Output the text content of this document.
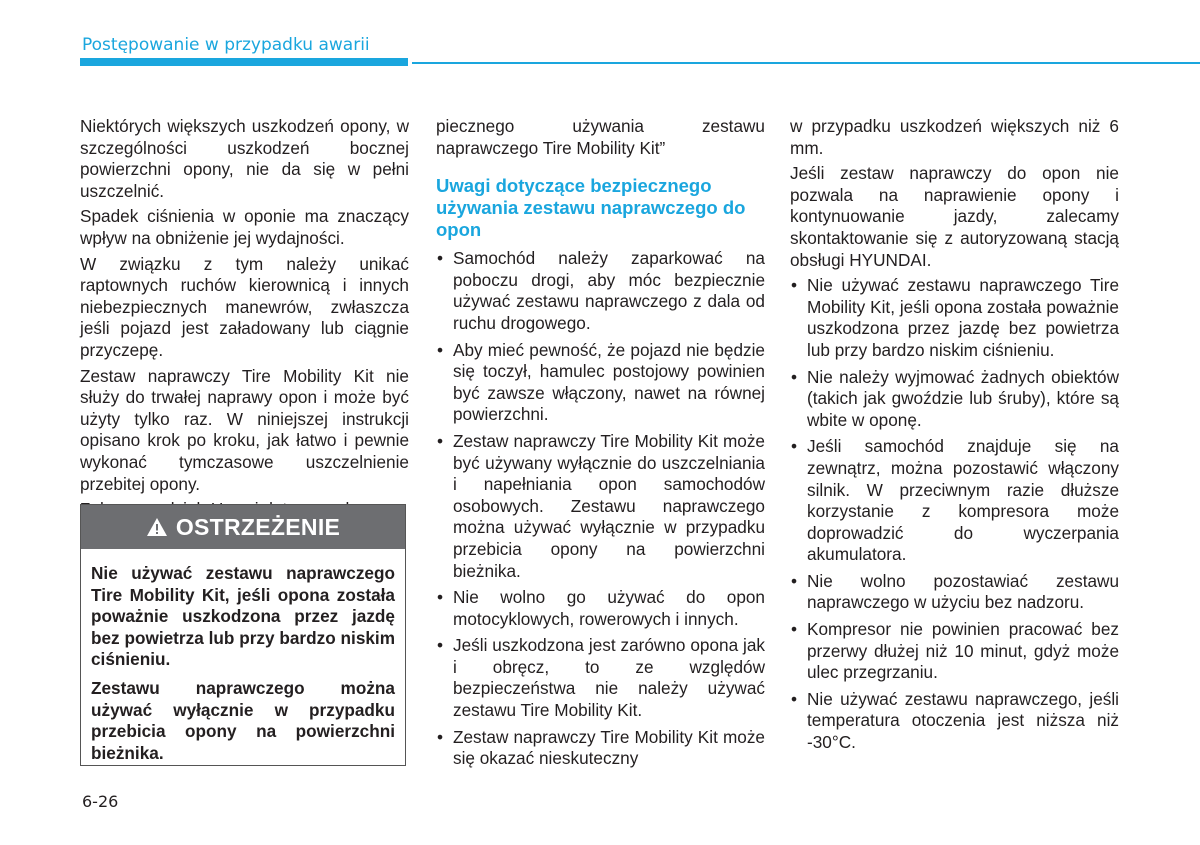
Postępowanie w przypadku awarii

Niektórych większych uszkodzeń opony, w szczególności uszkodzeń bocznej powierzchni opony, nie da się w pełni uszczelnić.

Spadek ciśnienia w oponie ma znaczący wpływ na obniżenie jej wydajności.

W związku z tym należy unikać raptownych ruchów kierownicą i innych niebezpiecznych manewrów, zwłaszcza jeśli pojazd jest załadowany lub ciągnie przyczepę.

Zestaw naprawczy Tire Mobility Kit nie służy do trwałej naprawy opon i może być użyty tylko raz. W niniejszej instrukcji opisano krok po kroku, jak łatwo i pewnie wykonać tymczasowe uszczelnienie przebitej opony.

OSTRZEŻENIE

Nie używać zestawu naprawczego Tire Mobility Kit, jeśli opona została poważnie uszkodzona przez jazdę bez powietrza lub przy bardzo niskim ciśnieniu.

Zestawu naprawczego można używać wyłącznie w przypadku przebicia opony na powierzchni bieżnika.

piecznego używania zestawu naprawczego Tire Mobility Kit”

Uwagi dotyczące bezpiecznego używania zestawu naprawczego do opon
• Samochód należy zaparkować na poboczu drogi, aby móc bezpiecznie używać zestawu naprawczego z dala od ruchu drogowego.
• Aby mieć pewność, że pojazd nie będzie się toczył, hamulec postojowy powinien być zawsze włączony, nawet na równej powierzchni.
• Zestaw naprawczy Tire Mobility Kit może być używany wyłącznie do uszczelniania i napełniania opon samochodów osobowych. Zestawu naprawczego można używać wyłącznie w przypadku przebicia opony na powierzchni bieżnika.
• Nie wolno go używać do opon motocyklowych, rowerowych i innych.
• Jeśli uszkodzona jest zarówno opona jak i obręcz, to ze względów bezpieczeństwa nie należy używać zestawu Tire Mobility Kit.
• Zestaw naprawczy Tire Mobility Kit może się okazać nieskuteczny

w przypadku uszkodzeń większych niż 6 mm.

Jeśli zestaw naprawczy do opon nie pozwala na naprawienie opony i kontynuowanie jazdy, zalecamy skontaktowanie się z autoryzowaną stacją obsługi HYUNDAI.

• Nie używać zestawu naprawczego Tire Mobility Kit, jeśli opona została poważnie uszkodzona przez jazdę bez powietrza lub przy bardzo niskim ciśnieniu.
• Nie należy wyjmować żadnych obiektów (takich jak gwoździe lub śruby), które są wbite w oponę.
• Jeśli samochód znajduje się na zewnątrz, można pozostawić włączony silnik. W przeciwnym razie dłuższe korzystanie z kompresora może doprowadzić do wyczerpania akumulatora.
• Nie wolno pozostawiać zestawu naprawczego w użyciu bez nadzoru.
• Kompresor nie powinien pracować bez przerwy dłużej niż 10 minut, gdyż może ulec przegrzaniu.
• Nie używać zestawu naprawczego, jeśli temperatura otoczenia jest niższa niż -30°C.
6-26
